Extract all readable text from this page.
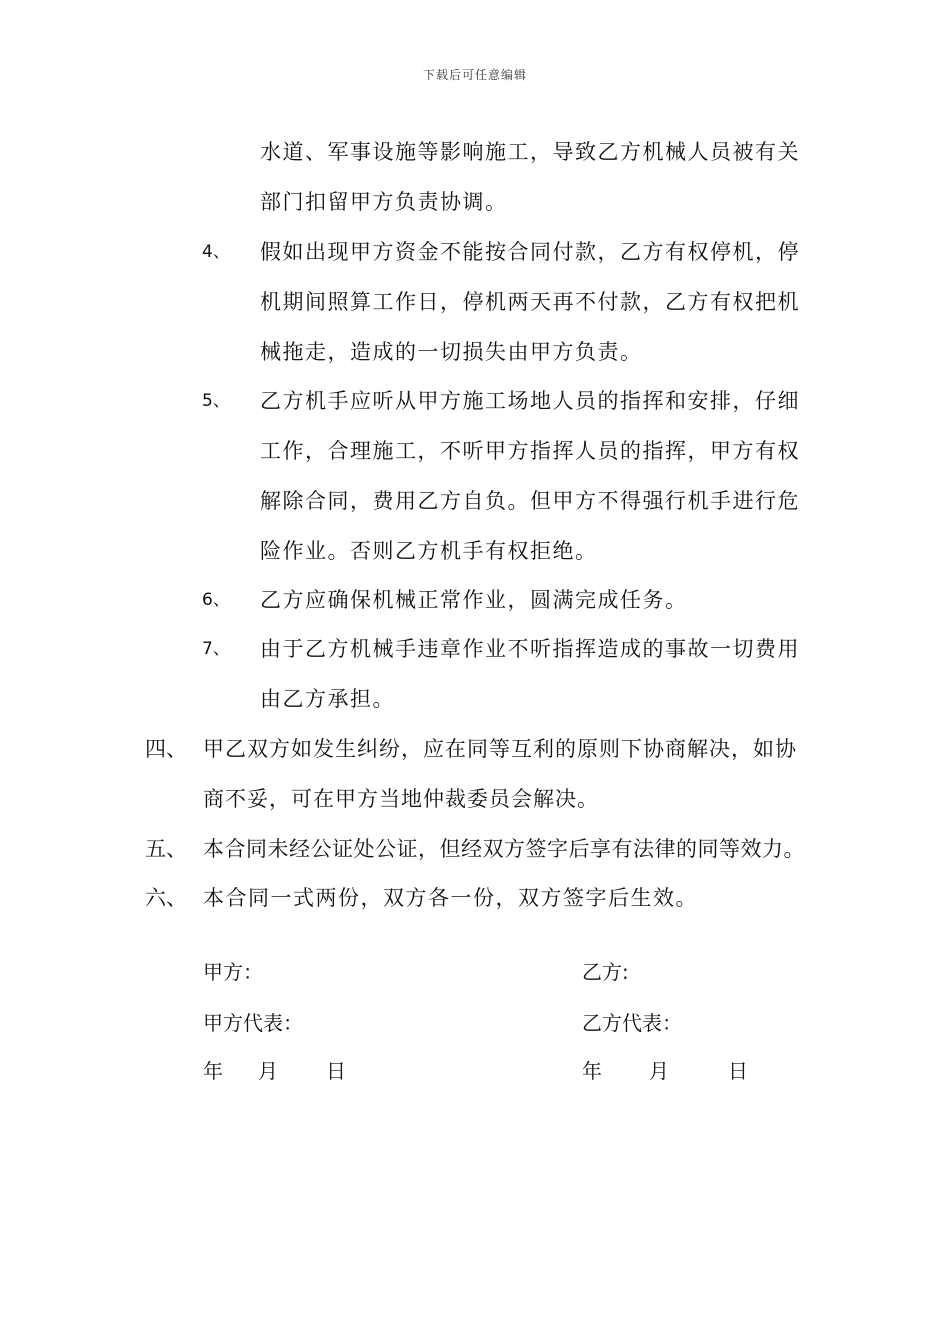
下载后可任意编辑
水道、军事设施等影响施工，导致乙方机械人员被有关
部门扣留甲方负责协调。
4、 假如出现甲方资金不能按合同付款，乙方有权停机，停
机期间照算工作日，停机两天再不付款，乙方有权把机
械拖走，造成的一切损失由甲方负责。
5、 乙方机手应听从甲方施工场地人员的指挥和安排，仔细
工作，合理施工，不听甲方指挥人员的指挥，甲方有权
解除合同，费用乙方自负。但甲方不得强行机手进行危
险作业。否则乙方机手有权拒绝。
6、 乙方应确保机械正常作业，圆满完成任务。
7、 由于乙方机械手违章作业不听指挥造成的事故一切费用
由乙方承担。
四、 甲乙双方如发生纠纷，应在同等互利的原则下协商解决，如协
商不妥，可在甲方当地仲裁委员会解决。
五、 本合同未经公证处公证，但经双方签字后享有法律的同等效力。
六、 本合同一式两份，双方各一份，双方签字后生效。
甲方：	乙方:
甲方代表：	乙方代表：
年 月 日	年 月	日
